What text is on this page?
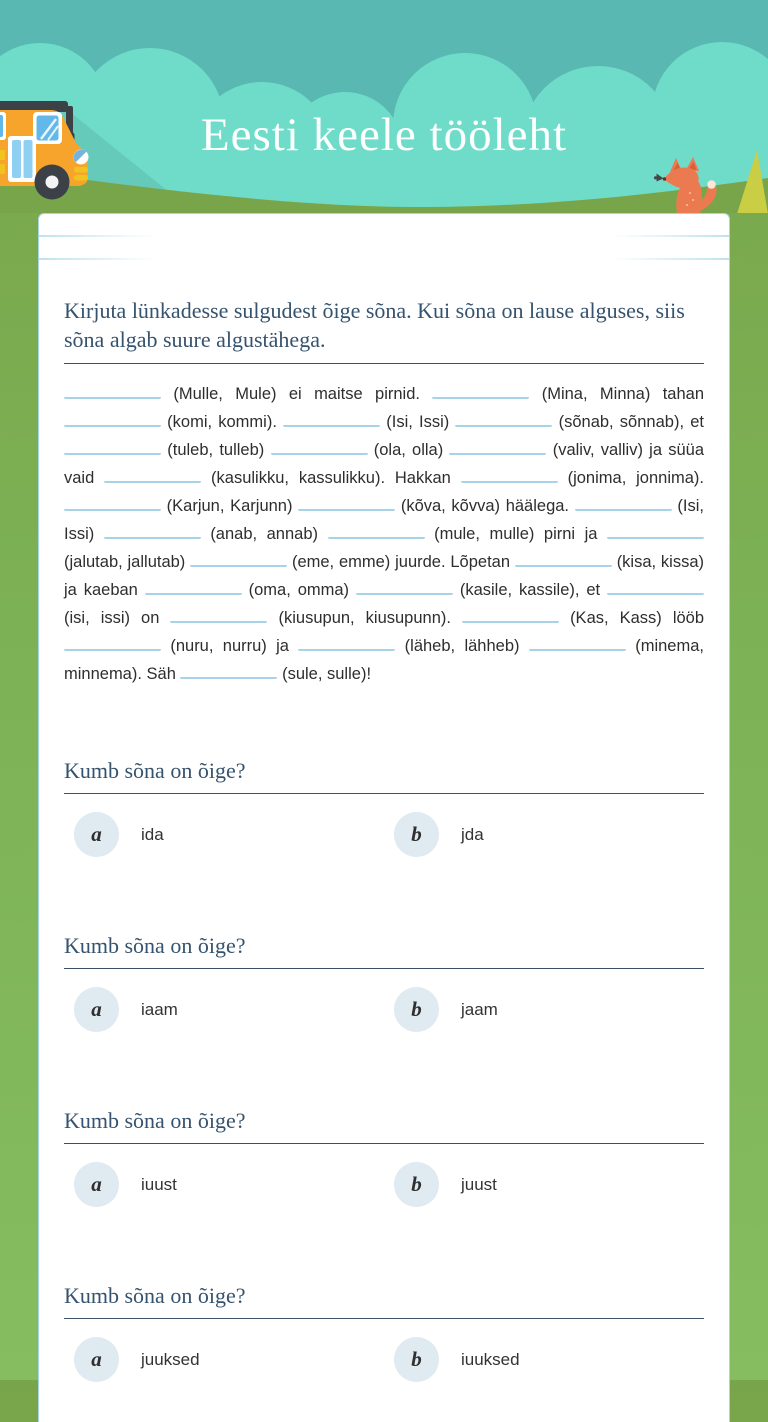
Eesti keele tööleht

Kirjuta lünkadesse sulgudest õige sõna. Kui sõna on lause alguses, siis sõna algab suure algustähega.

(Mulle, Mule) ei maitse pirnid.	(Mina, Minna) tahan  (komi, kommi).	(Isi, Issi)	(sõnab, sõnnab), et  (tuleb, tulleb)	(ola, olla)	(valiv, valliv) ja süüa vaid	(kasulikku, kassulikku). Hakkan	(jonima, jonnima).  (Karjun, Karjunn)	(kõva, kõvva) häälega.	(Isi, Issi)	(anab, annab)	(mule, mulle) pirni ja  (jalutab, jallutab)	(eme, emme) juurde. Lõpetan	(kisa, kissa) ja kaeban	(oma, omma)	(kasile, kassile), et  (isi, issi) on	(kiusupun, kiusupunn).	(Kas, Kass) lööb  (nuru, nurru) ja	(läheb, lähheb)	(minema, minnema). Säh	(sule, sulle)!

Kumb sõna on õige?
a	ida	b	jda
Kumb sõna on õige?
a	iaam	b	jaam
Kumb sõna on õige?
a	iuust	b	juust
Kumb sõna on õige?
a	juuksed	b	iuuksed
